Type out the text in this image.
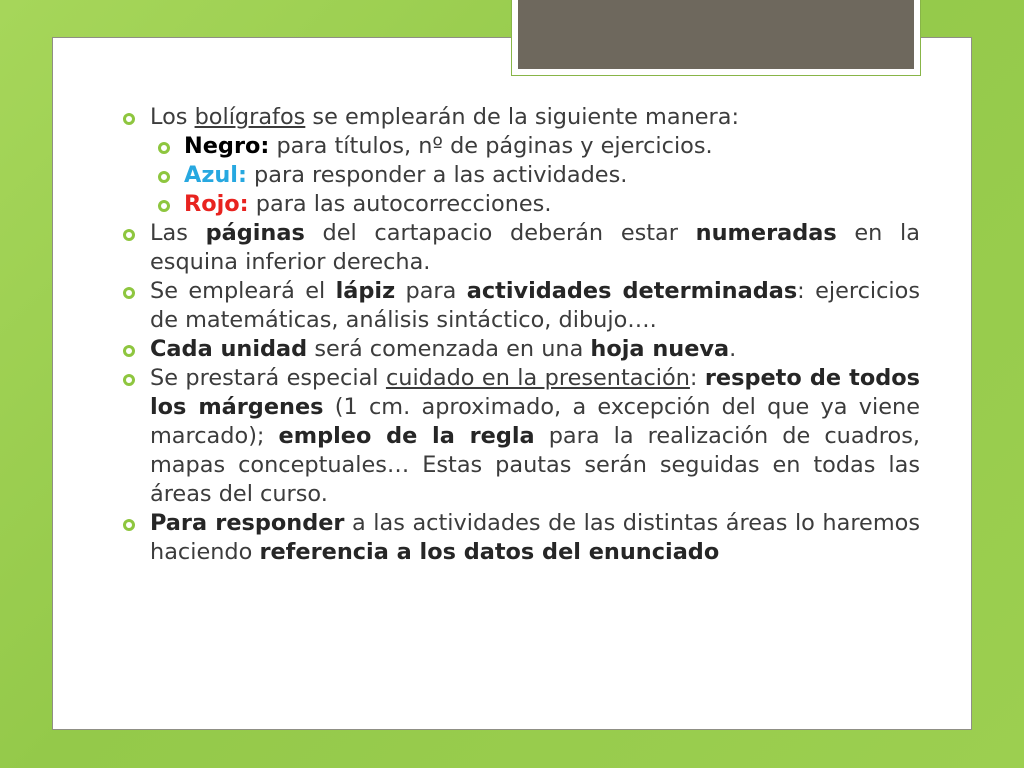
Los bolígrafos se emplearán de la siguiente manera:
Negro: para títulos, nº de páginas y ejercicios.
Azul: para responder a las actividades.
Rojo: para las autocorrecciones.
Las páginas del cartapacio deberán estar numeradas en la esquina inferior derecha.
Se empleará el lápiz para actividades determinadas: ejercicios de matemáticas, análisis sintáctico, dibujo….
Cada unidad será comenzada en una hoja nueva.
Se prestará especial cuidado en la presentación: respeto de todos los márgenes (1 cm. aproximado, a excepción del que ya viene marcado); empleo de la regla para la realización de cuadros, mapas conceptuales… Estas pautas serán seguidas en todas las áreas del curso.
Para responder a las actividades de las distintas áreas lo haremos haciendo referencia a los datos del enunciado
